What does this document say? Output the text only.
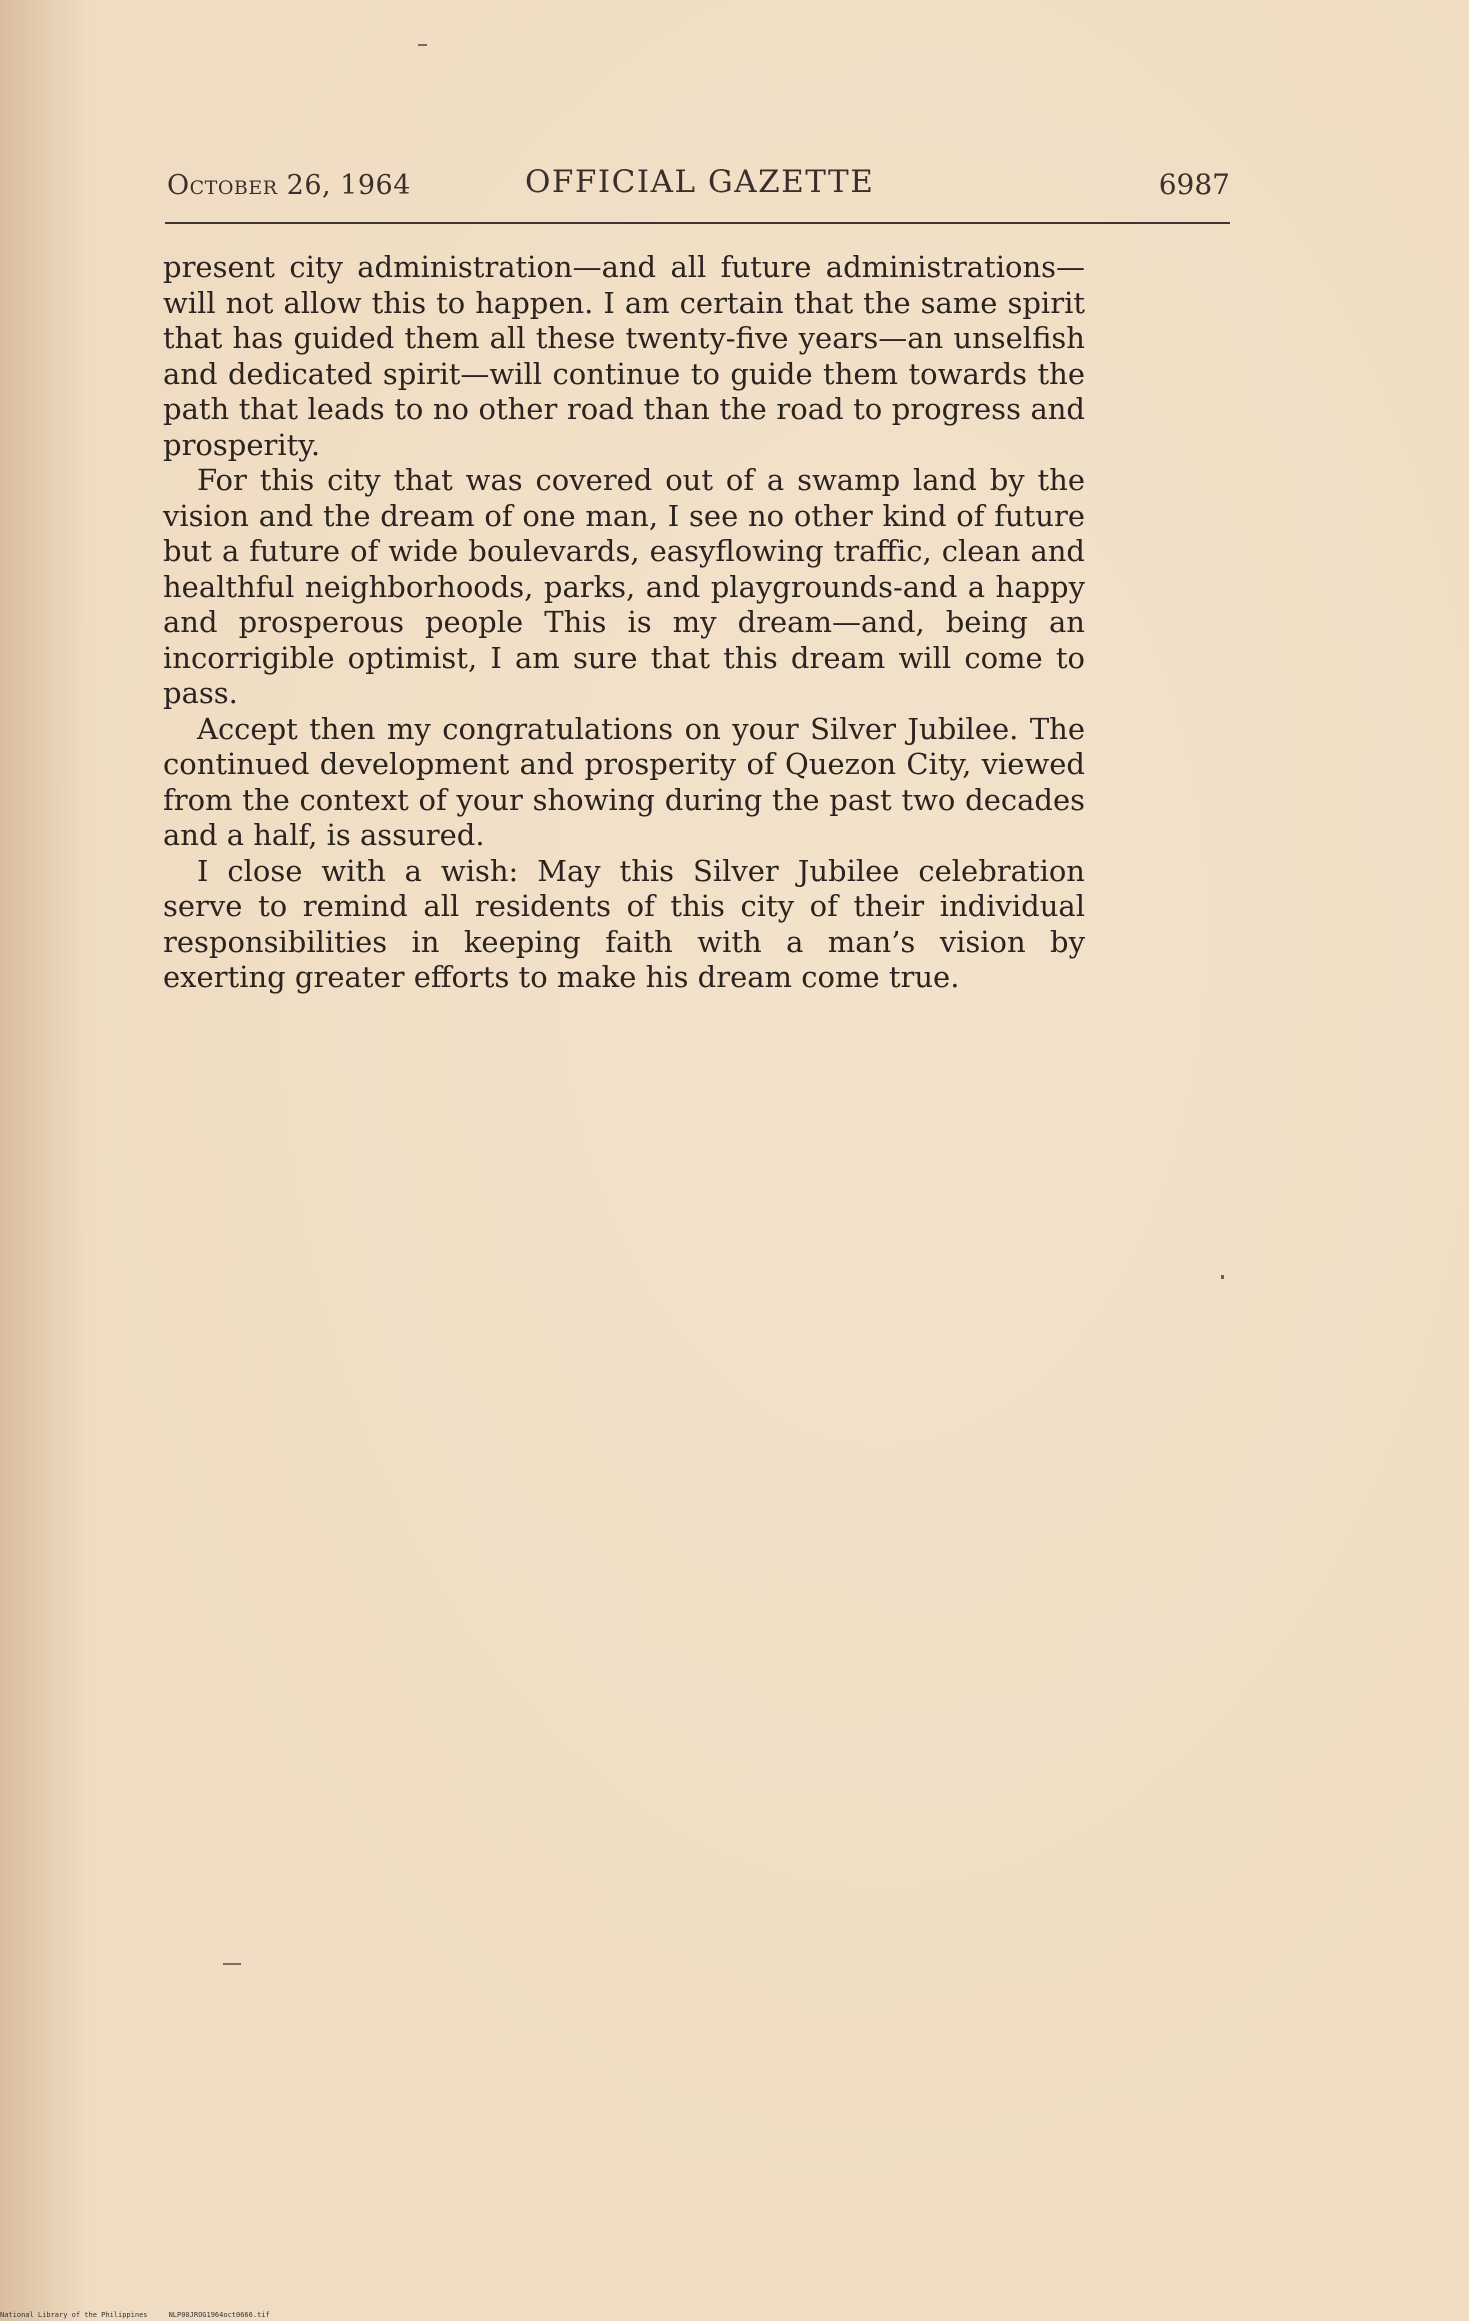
October 26, 1964	OFFICIAL GAZETTE	6987

present city administration—and all future administrations—will not allow this to happen. I am certain that the same spirit that has guided them all these twenty-five years—an unselfish and dedicated spirit—will continue to guide them towards the path that leads to no other road than the road to progress and prosperity.

For this city that was covered out of a swamp land by the vision and the dream of one man, I see no other kind of future but a future of wide boulevards, easyflowing traffic, clean and healthful neighborhoods, parks, and playgrounds-and a happy and prosperous people This is my dream—and, being an incorrigible optimist, I am sure that this dream will come to pass.

Accept then my congratulations on your Silver Jubilee. The continued development and prosperity of Quezon City, viewed from the context of your showing during the past two decades and a half, is assured.

I close with a wish: May this Silver Jubilee celebration serve to remind all residents of this city of their individual responsibilities in keeping faith with a man’s vision by exerting greater efforts to make his dream come true.

National Library of the Philippines     NLP00JROG1964oct0666.tif
